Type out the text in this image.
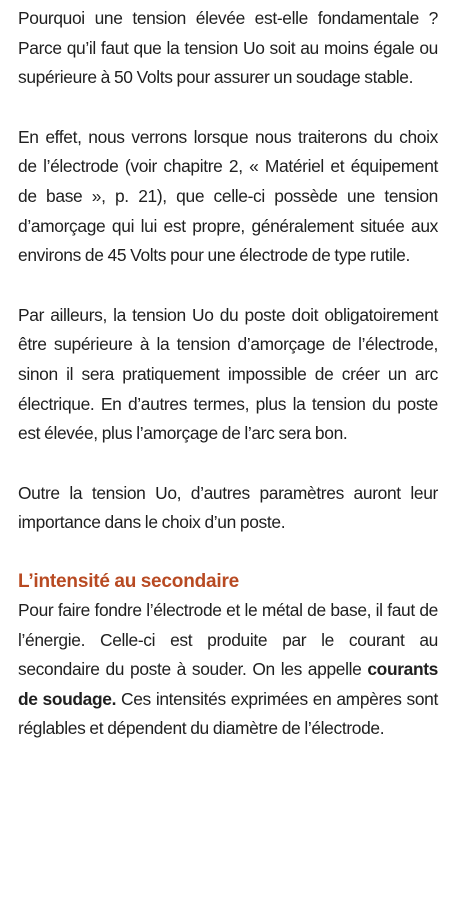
Pourquoi une tension élevée est-elle fondamentale ? Parce qu’il faut que la tension Uo soit au moins égale ou supérieure à 50 Volts pour assurer un soudage stable.

En effet, nous verrons lorsque nous traiterons du choix de l’électrode (voir chapitre 2, « Matériel et équipement de base », p. 21), que celle-ci possède une tension d’amorçage qui lui est propre, généralement située aux environs de 45 Volts pour une électrode de type rutile.

Par ailleurs, la tension Uo du poste doit obligatoirement être supérieure à la tension d’amorçage de l’électrode, sinon il sera pratiquement impossible de créer un arc électrique. En d’autres termes, plus la tension du poste est élevée, plus l’amorçage de l’arc sera bon.

Outre la tension Uo, d’autres paramètres auront leur importance dans le choix d’un poste.

L’intensité au secondaire

Pour faire fondre l’électrode et le métal de base, il faut de l’énergie. Celle-ci est produite par le courant au secondaire du poste à souder. On les appelle courants de soudage. Ces intensités exprimées en ampères sont réglables et dépendent du diamètre de l’électrode.
